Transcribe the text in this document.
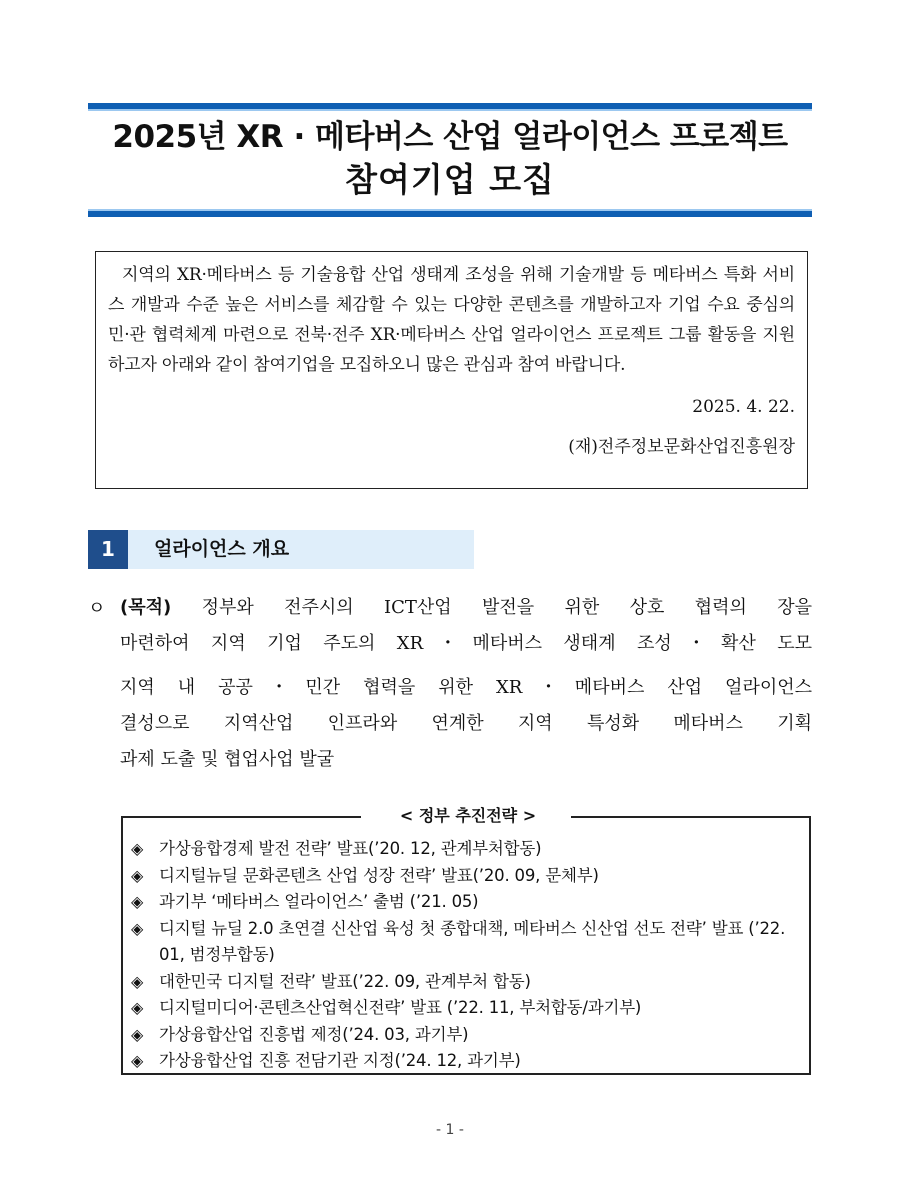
2025년 XR · 메타버스 산업 얼라이언스 프로젝트
참여기업 모집

지역의 XR·메타버스 등 기술융합 산업 생태계 조성을 위해 기술개발 등 메타버스 특화 서비스 개발과 수준 높은 서비스를 체감할 수 있는 다양한 콘텐츠를 개발하고자 기업 수요 중심의 민·관 협력체계 마련으로 전북·전주 XR·메타버스 산업 얼라이언스 프로젝트 그룹 활동을 지원하고자 아래와 같이 참여기업을 모집하오니 많은 관심과 참여 바랍니다.

2025. 4. 22.

(재)전주정보문화산업진흥원장

1	얼라이언스 개요
ㅇ (목적) 정부와 전주시의 ICT산업 발전을 위한 상호 협력의 장을
마련하여 지역 기업 주도의 XR・메타버스 생태계 조성・확산 도모
지역 내 공공・민간 협력을 위한 XR・메타버스 산업 얼라이언스
결성으로 지역산업 인프라와 연계한 지역 특성화 메타버스 기획
과제 도출 및 협업사업 발굴
< 정부 추진전략 >
◈ 가상융합경제 발전 전략’ 발표(’20. 12, 관계부처합동)
◈ 디지털뉴딜 문화콘텐츠 산업 성장 전략’ 발표(’20. 09, 문체부)
◈ 과기부 ‘메타버스 얼라이언스’ 출범 (’21. 05)
◈ 디지털 뉴딜 2.0 초연결 신산업 육성 첫 종합대책, 메타버스 신산업 선도 전략’ 발표 (’22. 01, 범정부합동)
◈ 대한민국 디지털 전략’ 발표(’22. 09, 관계부처 합동)
◈ 디지털미디어·콘텐츠산업혁신전략’ 발표 (’22. 11, 부처합동/과기부)
◈ 가상융합산업 진흥법 제정(’24. 03, 과기부)
◈ 가상융합산업 진흥 전담기관 지정(’24. 12, 과기부)
- 1 -
